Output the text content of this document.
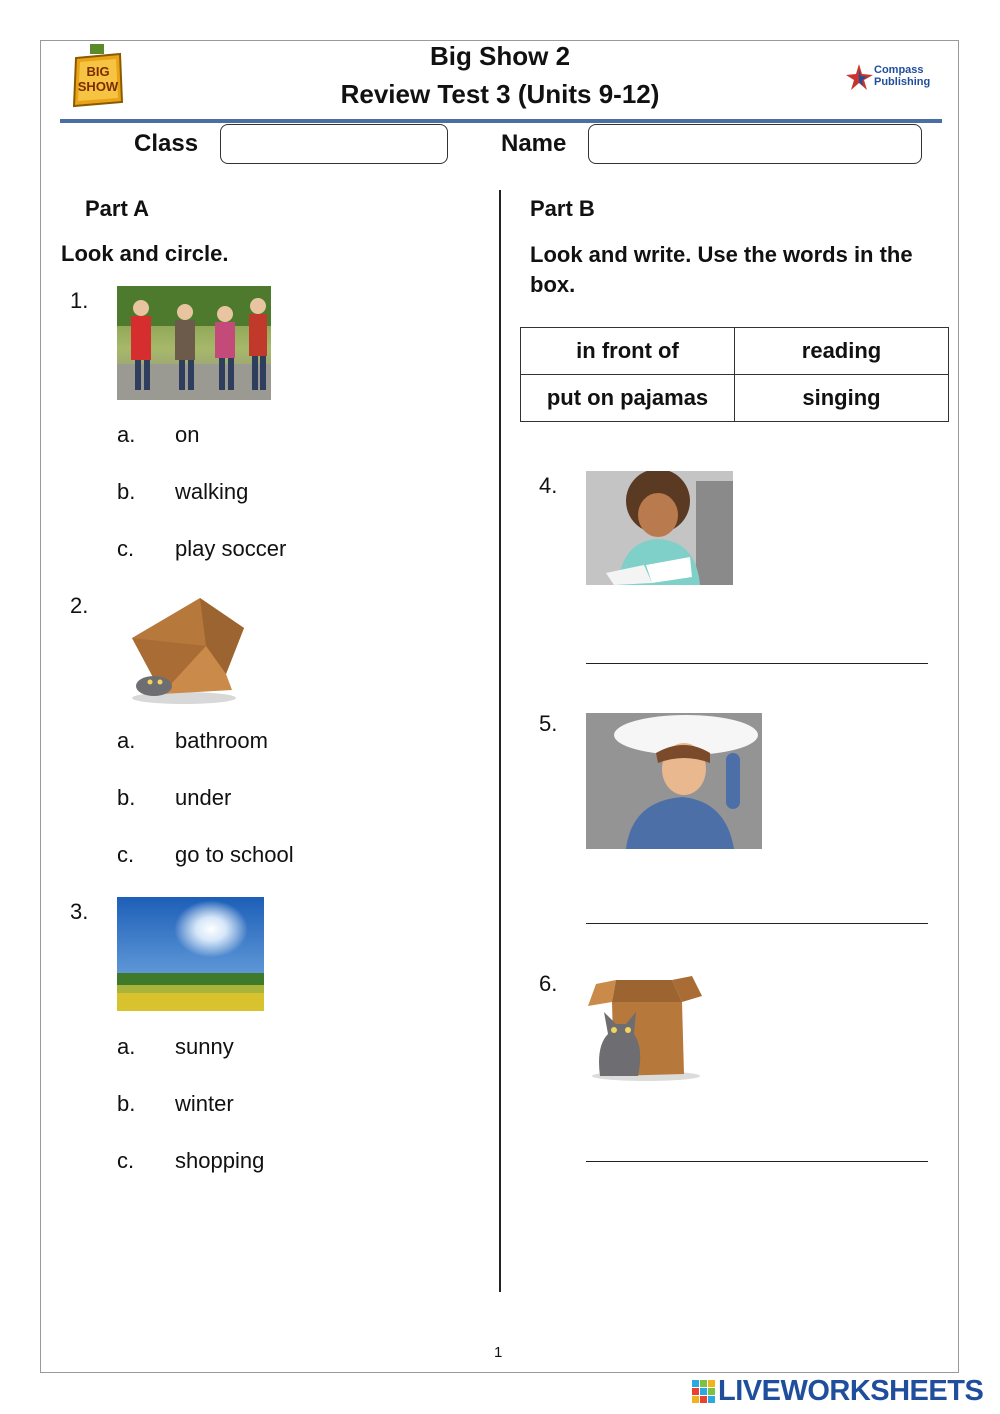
BIG SHOW
Big Show 2
Review Test 3 (Units 9-12)
Compass
Publishing
Class	Name
Part A
Look and circle.
1.
a. on
b. walking
c. play soccer
2.
a. bathroom
b. under
c. go to school
3.
a. sunny
b. winter
c. shopping
Part B
Look and write. Use the words in the box.
in front of	reading
put on pajamas	singing
4.
5.
6.
1
LIVEWORKSHEETS
